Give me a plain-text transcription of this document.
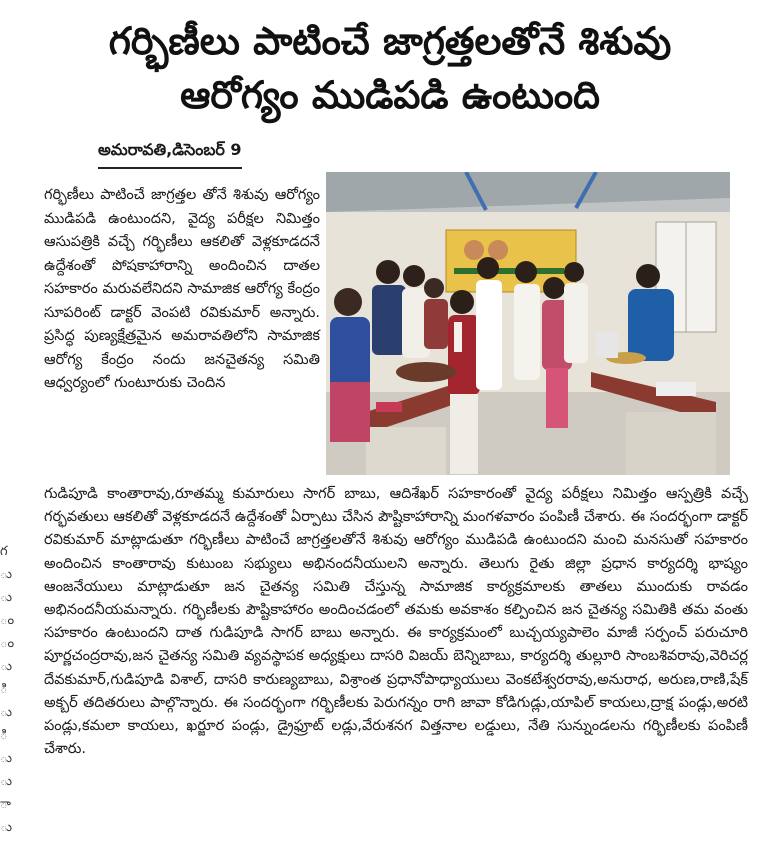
గర్భిణీలు పాటించే జాగ్రత్తలతోనే శిశువు
ఆరోగ్యం ముడిపడి ఉంటుంది
అమరావతి,డిసెంబర్ 9
గర్భిణీలు పాటించే జాగ్రత్తల తోనే శిశువు ఆరోగ్యం ముడిపడి ఉంటుందని, వైద్య పరీక్షల నిమిత్తం ఆసుపత్రికి వచ్చే గర్భిణీలు ఆకలితో వెళ్లకూడదనే ఉద్దేశంతో పోషకాహారాన్ని అందించిన దాతల సహకారం మరువలేనిదని సామాజిక ఆరోగ్య కేంద్రం సూపరింట్ డాక్టర్ వెంపటి రవికుమార్ అన్నారు. ప్రసిద్ధ పుణ్యక్షేత్రమైన అమరావతిలోని సామాజిక ఆరోగ్య కేంద్రం నందు జనచైతన్య సమితి ఆధ్వర్యంలో గుంటూరుకు చెందిన
గుడిపూడి కాంతారావు,రూతమ్మ కుమారులు సాగర్ బాబు, ఆదిశేఖర్ సహకారంతో వైద్య పరీక్షలు నిమిత్తం ఆస్పత్రికి వచ్చే గర్భవతులు ఆకలితో వెళ్లకూడదనే ఉద్దేశంతో ఏర్పాటు చేసిన పౌష్టికాహారాన్ని మంగళవారం పంపిణీ చేశారు. ఈ సందర్భంగా డాక్టర్ రవికుమార్ మాట్లాడుతూ గర్భిణీలు పాటించే జాగ్రత్తలతోనే శిశువు ఆరోగ్యం ముడిపడి ఉంటుందని మంచి మనసుతో సహకారం అందించిన కాంతారావు కుటుంబ సభ్యులు అభినందనీయులని అన్నారు. తెలుగు రైతు జిల్లా ప్రధాన కార్యదర్శి భాష్యం ఆంజనేయులు మాట్లాడుతూ జన చైతన్య సమితి చేస్తున్న సామాజిక కార్యక్రమాలకు తాతలు ముందుకు రావడం అభినందనీయమన్నారు. గర్భిణీలకు పౌష్టికాహారం అందించడంలో తమకు అవకాశం కల్పించిన జన చైతన్య సమితికి తమ వంతు సహకారం ఉంటుందని దాత గుడిపూడి సాగర్ బాబు అన్నారు. ఈ కార్యక్రమంలో బుచ్చయ్యపాలెం మాజీ సర్పంచ్ పరుచూరి పూర్ణచంద్రరావు,జన చైతన్య సమితి వ్యవస్థాపక అధ్యక్షులు దాసరి విజయ్ బెన్నిబాబు, కార్యదర్శి తుల్లూరి సాంబశివరావు,వెరిచర్ల దేవకుమార్,గుడిపూడి విశాల్, దాసరి కారుణ్యబాబు, విశ్రాంత ప్రధానోపాధ్యాయులు వెంకటేశ్వరరావు,అనురాధ, అరుణ,రాణి,షేక్ అక్బర్ తదితరులు పాల్గొన్నారు. ఈ సందర్భంగా గర్భిణీలకు పెరుగన్నం రాగి జావా కోడిగుడ్లు,యాపిల్ కాయలు,ద్రాక్ష పండ్లు,అరటి పండ్లు,కమలా కాయలు, ఖర్జూర పండ్లు, డ్రైఫ్రూట్ లడ్లు,వేరుశనగ విత్తనాల లడ్డులు, నేతి సున్నుండలను గర్భిణీలకు పంపిణీ చేశారు.
గ
ు
ు
ం
ం
ు
ి
ు
ి
ు
ు
ా
ు
